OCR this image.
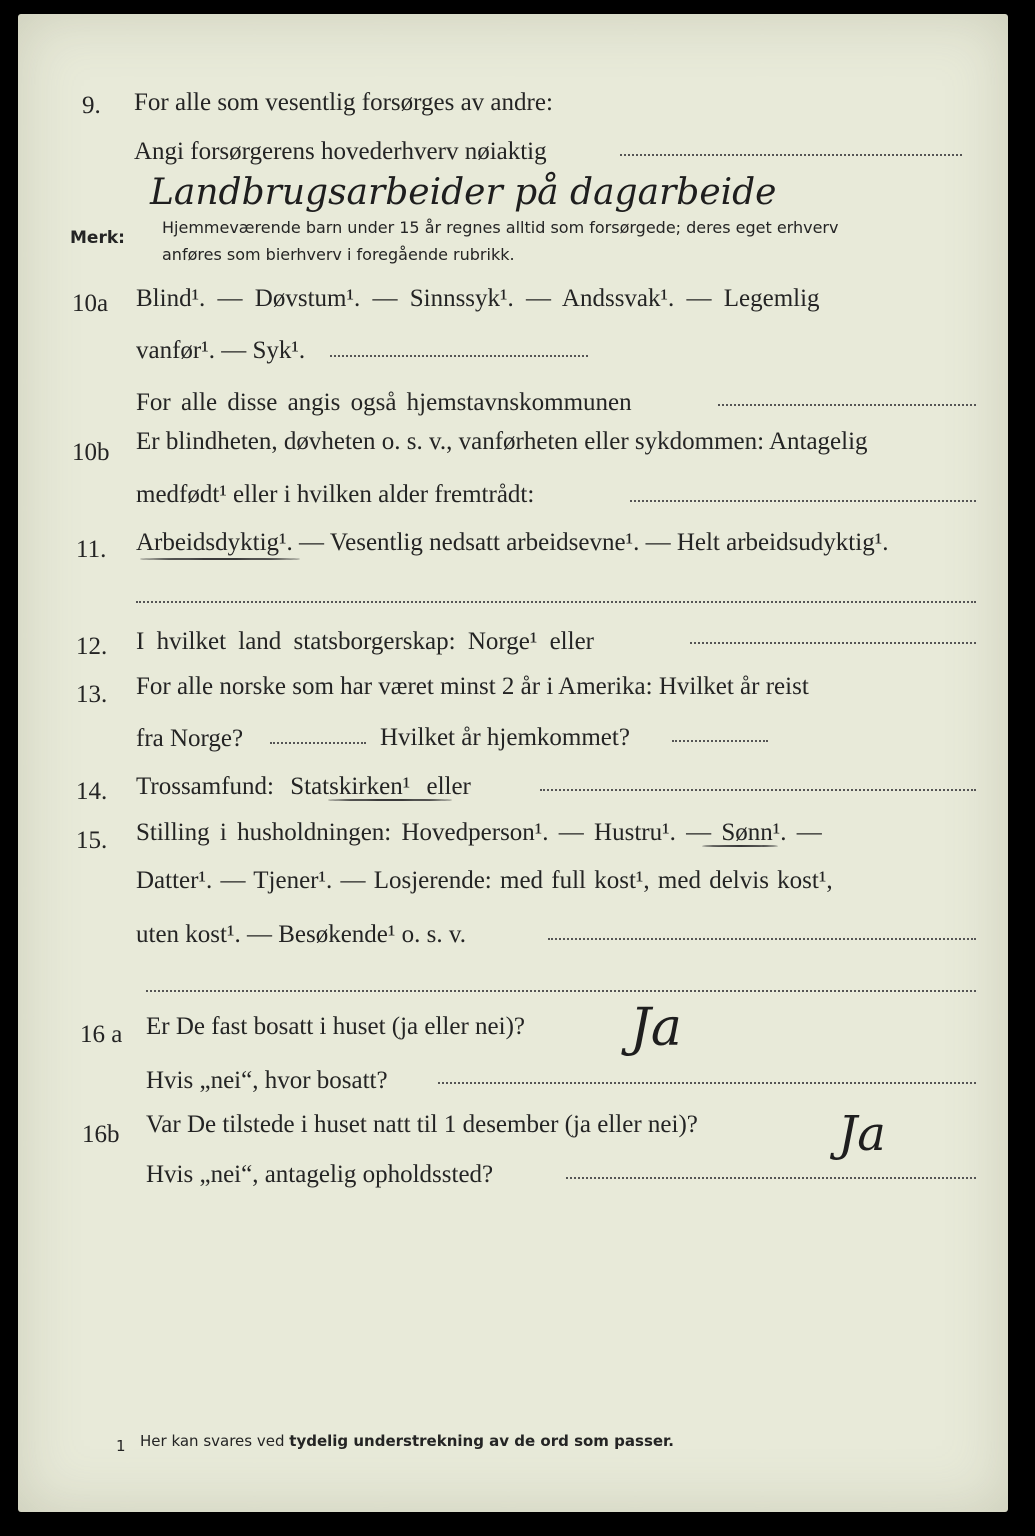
9. For alle som vesentlig forsørges av andre:
Angi forsørgerens hovederhverv nøiaktig
Landbrugsarbeider på dagarbeide
Merk:
Hjemmeværende barn under 15 år regnes alltid som forsørgede; deres eget erhverv
anføres som bierhverv i foregående rubrikk.
10a Blind¹. — Døvstum¹. — Sinnssyk¹. — Andssvak¹. — Legemlig
vanfør¹. — Syk¹.
For alle disse angis også hjemstavnskommunen
10b Er blindheten, døvheten o. s. v., vanførheten eller sykdommen: Antagelig
medfødt¹ eller i hvilken alder fremtrådt:
11. Arbeidsdyktig¹. — Vesentlig nedsatt arbeidsevne¹. — Helt arbeidsudyktig¹.
12. I hvilket land statsborgerskap: Norge¹ eller
13. For alle norske som har været minst 2 år i Amerika: Hvilket år reist
fra Norge?	Hvilket år hjemkommet?
14. Trossamfund: Statskirken¹ eller
15. Stilling i husholdningen: Hovedperson¹. — Hustru¹. — Sønn¹. —
Datter¹. — Tjener¹. — Losjerende: med full kost¹, med delvis kost¹,
uten kost¹. — Besøkende¹ o. s. v.
16 a Er De fast bosatt i huset (ja eller nei)? Ja
Hvis „nei“, hvor bosatt?
16b Var De tilstede i huset natt til 1 desember (ja eller nei)?	Ja
Hvis „nei“, antagelig opholdssted?
1 Her kan svares ved tydelig understrekning av de ord som passer.
